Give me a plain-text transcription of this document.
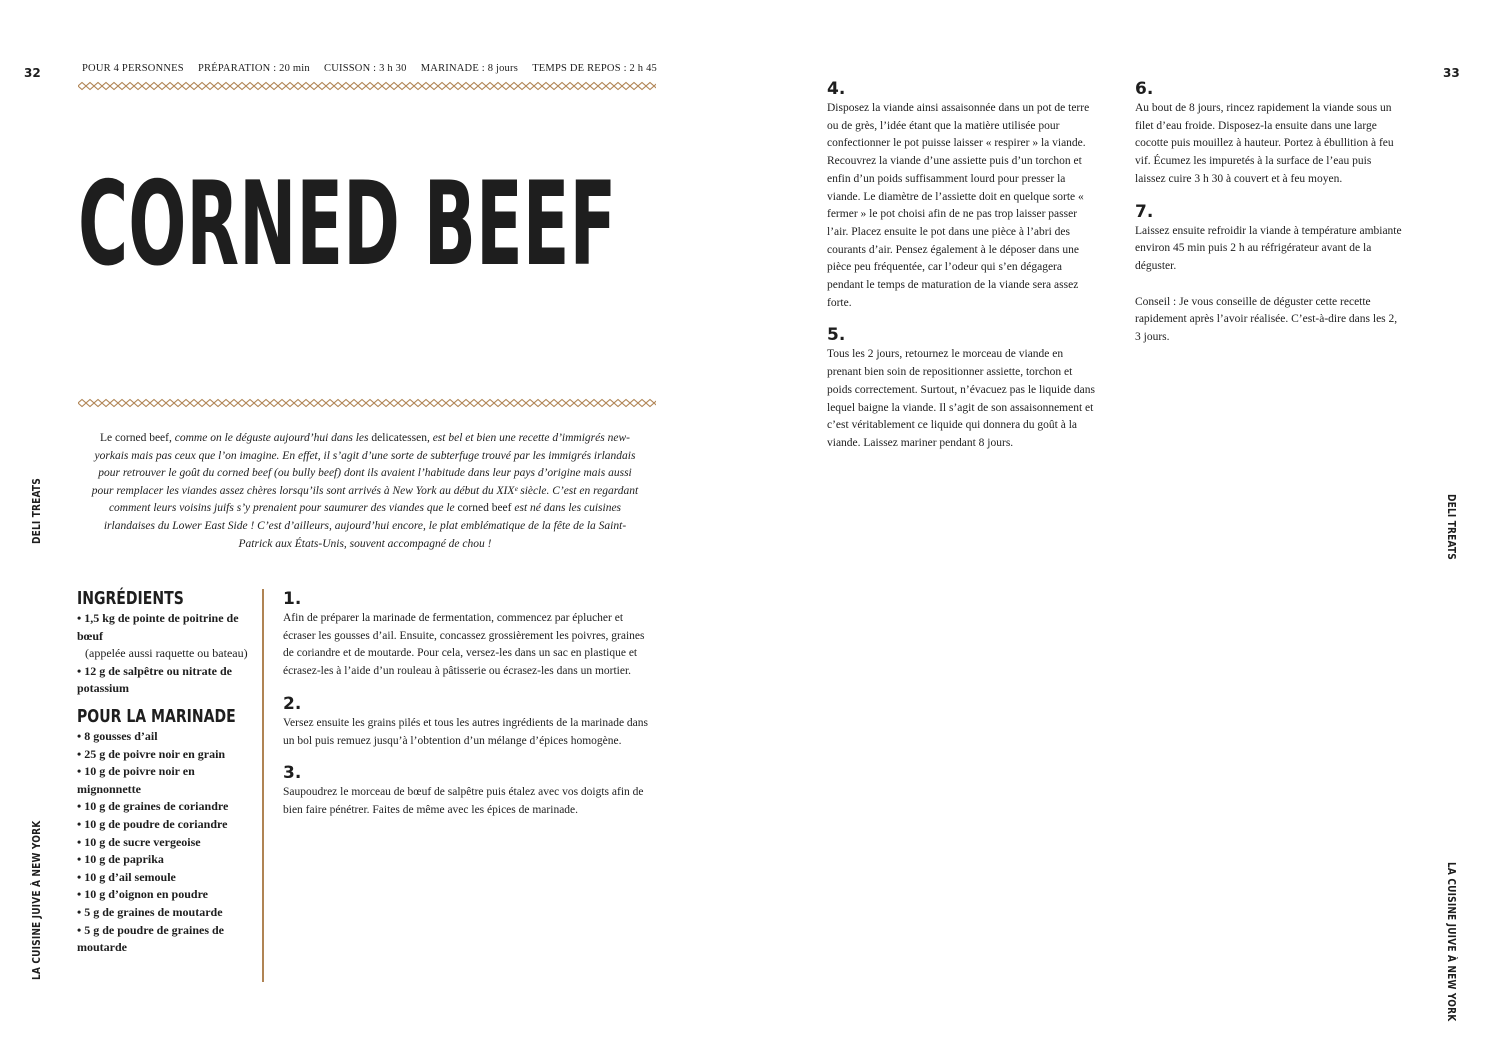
32	POUR 4 PERSONNES PRÉPARATION : 20 min CUISSON : 3 h 30 MARINADE : 8 jours TEMPS DE REPOS : 2 h 45
CORNED BEEF
Le corned beef, comme on le déguste aujourd’hui dans les delicatessen, est bel et bien une recette d’immigrés new-yorkais mais pas ceux que l’on imagine. En effet, il s’agit d’une sorte de subterfuge trouvé par les immigrés irlandais pour retrouver le goût du corned beef (ou bully beef) dont ils avaient l’habitude dans leur pays d’origine mais aussi pour remplacer les viandes assez chères lorsqu’ils sont arrivés à New York au début du XIXᵉ siècle. C’est en regardant comment leurs voisins juifs s’y prenaient pour saumurer des viandes que le corned beef est né dans les cuisines irlandaises du Lower East Side ! C’est d’ailleurs, aujourd’hui encore, le plat emblématique de la fête de la Saint-Patrick aux États-Unis, souvent accompagné de chou !
INGRÉDIENTS
• 1,5 kg de pointe de poitrine de bœuf
(appelée aussi raquette ou bateau)
• 12 g de salpêtre ou nitrate de potassium
POUR LA MARINADE
• 8 gousses d’ail
• 25 g de poivre noir en grain
• 10 g de poivre noir en mignonnette
• 10 g de graines de coriandre
• 10 g de poudre de coriandre
• 10 g de sucre vergeoise
• 10 g de paprika
• 10 g d’ail semoule
• 10 g d’oignon en poudre
• 5 g de graines de moutarde
• 5 g de poudre de graines de moutarde
1.
Afin de préparer la marinade de fermentation, commencez par éplucher et écraser les gousses d’ail. Ensuite, concassez grossièrement les poivres, graines de coriandre et de moutarde. Pour cela, versez-les dans un sac en plastique et écrasez-les à l’aide d’un rouleau à pâtisserie ou écrasez-les dans un mortier.
2.
Versez ensuite les grains pilés et tous les autres ingrédients de la marinade dans un bol puis remuez jusqu’à l’obtention d’un mélange d’épices homogène.
3.
Saupoudrez le morceau de bœuf de salpêtre puis étalez avec vos doigts afin de bien faire pénétrer. Faites de même avec les épices de marinade.
DELI TREATS
LA CUISINE JUIVE À NEW YORK
33
4.
Disposez la viande ainsi assaisonnée dans un pot de terre ou de grès, l’idée étant que la matière utilisée pour confectionner le pot puisse laisser « respirer » la viande. Recouvrez la viande d’une assiette puis d’un torchon et enfin d’un poids suffisamment lourd pour presser la viande. Le diamètre de l’assiette doit en quelque sorte « fermer » le pot choisi afin de ne pas trop laisser passer l’air. Placez ensuite le pot dans une pièce à l’abri des courants d’air. Pensez également à le déposer dans une pièce peu fréquentée, car l’odeur qui s’en dégagera pendant le temps de maturation de la viande sera assez forte.
5.
Tous les 2 jours, retournez le morceau de viande en prenant bien soin de repositionner assiette, torchon et poids correctement. Surtout, n’évacuez pas le liquide dans lequel baigne la viande. Il s’agit de son assaisonnement et c’est véritablement ce liquide qui donnera du goût à la viande. Laissez mariner pendant 8 jours.
6.
Au bout de 8 jours, rincez rapidement la viande sous un filet d’eau froide. Disposez-la ensuite dans une large cocotte puis mouillez à hauteur. Portez à ébullition à feu vif. Écumez les impuretés à la surface de l’eau puis laissez cuire 3 h 30 à couvert et à feu moyen.
7.
Laissez ensuite refroidir la viande à température ambiante environ 45 min puis 2 h au réfrigérateur avant de la déguster.
Conseil : Je vous conseille de déguster cette recette rapidement après l’avoir réalisée. C’est-à-dire dans les 2, 3 jours.
DELI TREATS
LA CUISINE JUIVE À NEW YORK
